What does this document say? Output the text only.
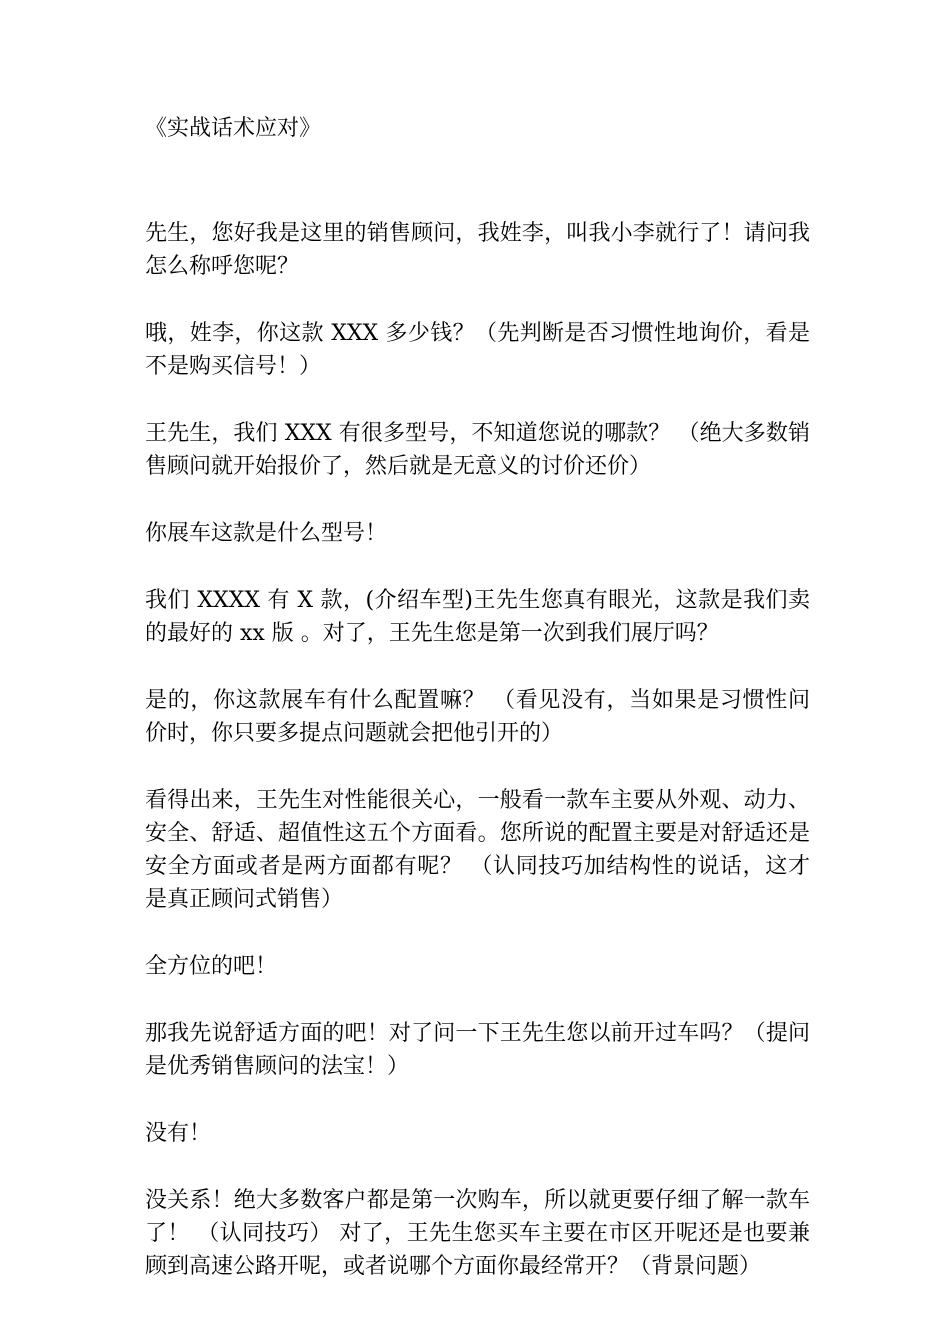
《实战话术应对》

先生，您好我是这里的销售顾问，我姓李，叫我小李就行了！请问我怎么称呼您呢？

哦，姓李，你这款 XXX 多少钱？（先判断是否习惯性地询价，看是不是购买信号！）

王先生，我们 XXX 有很多型号，不知道您说的哪款？ （绝大多数销售顾问就开始报价了，然后就是无意义的讨价还价）

你展车这款是什么型号！

我们 XXXX 有 X 款，(介绍车型)王先生您真有眼光，这款是我们卖的最好的 xx 版 。对了，王先生您是第一次到我们展厅吗？

是的，你这款展车有什么配置嘛？ （看见没有，当如果是习惯性问价时，你只要多提点问题就会把他引开的）

看得出来，王先生对性能很关心，一般看一款车主要从外观、动力、安全、舒适、超值性这五个方面看。您所说的配置主要是对舒适还是安全方面或者是两方面都有呢？ （认同技巧加结构性的说话，这才是真正顾问式销售）

全方位的吧！

那我先说舒适方面的吧！对了问一下王先生您以前开过车吗？（提问是优秀销售顾问的法宝！）

没有！

没关系！绝大多数客户都是第一次购车，所以就更要仔细了解一款车了！ （认同技巧） 对了，王先生您买车主要在市区开呢还是也要兼顾到高速公路开呢，或者说哪个方面你最经常开？（背景问题）
